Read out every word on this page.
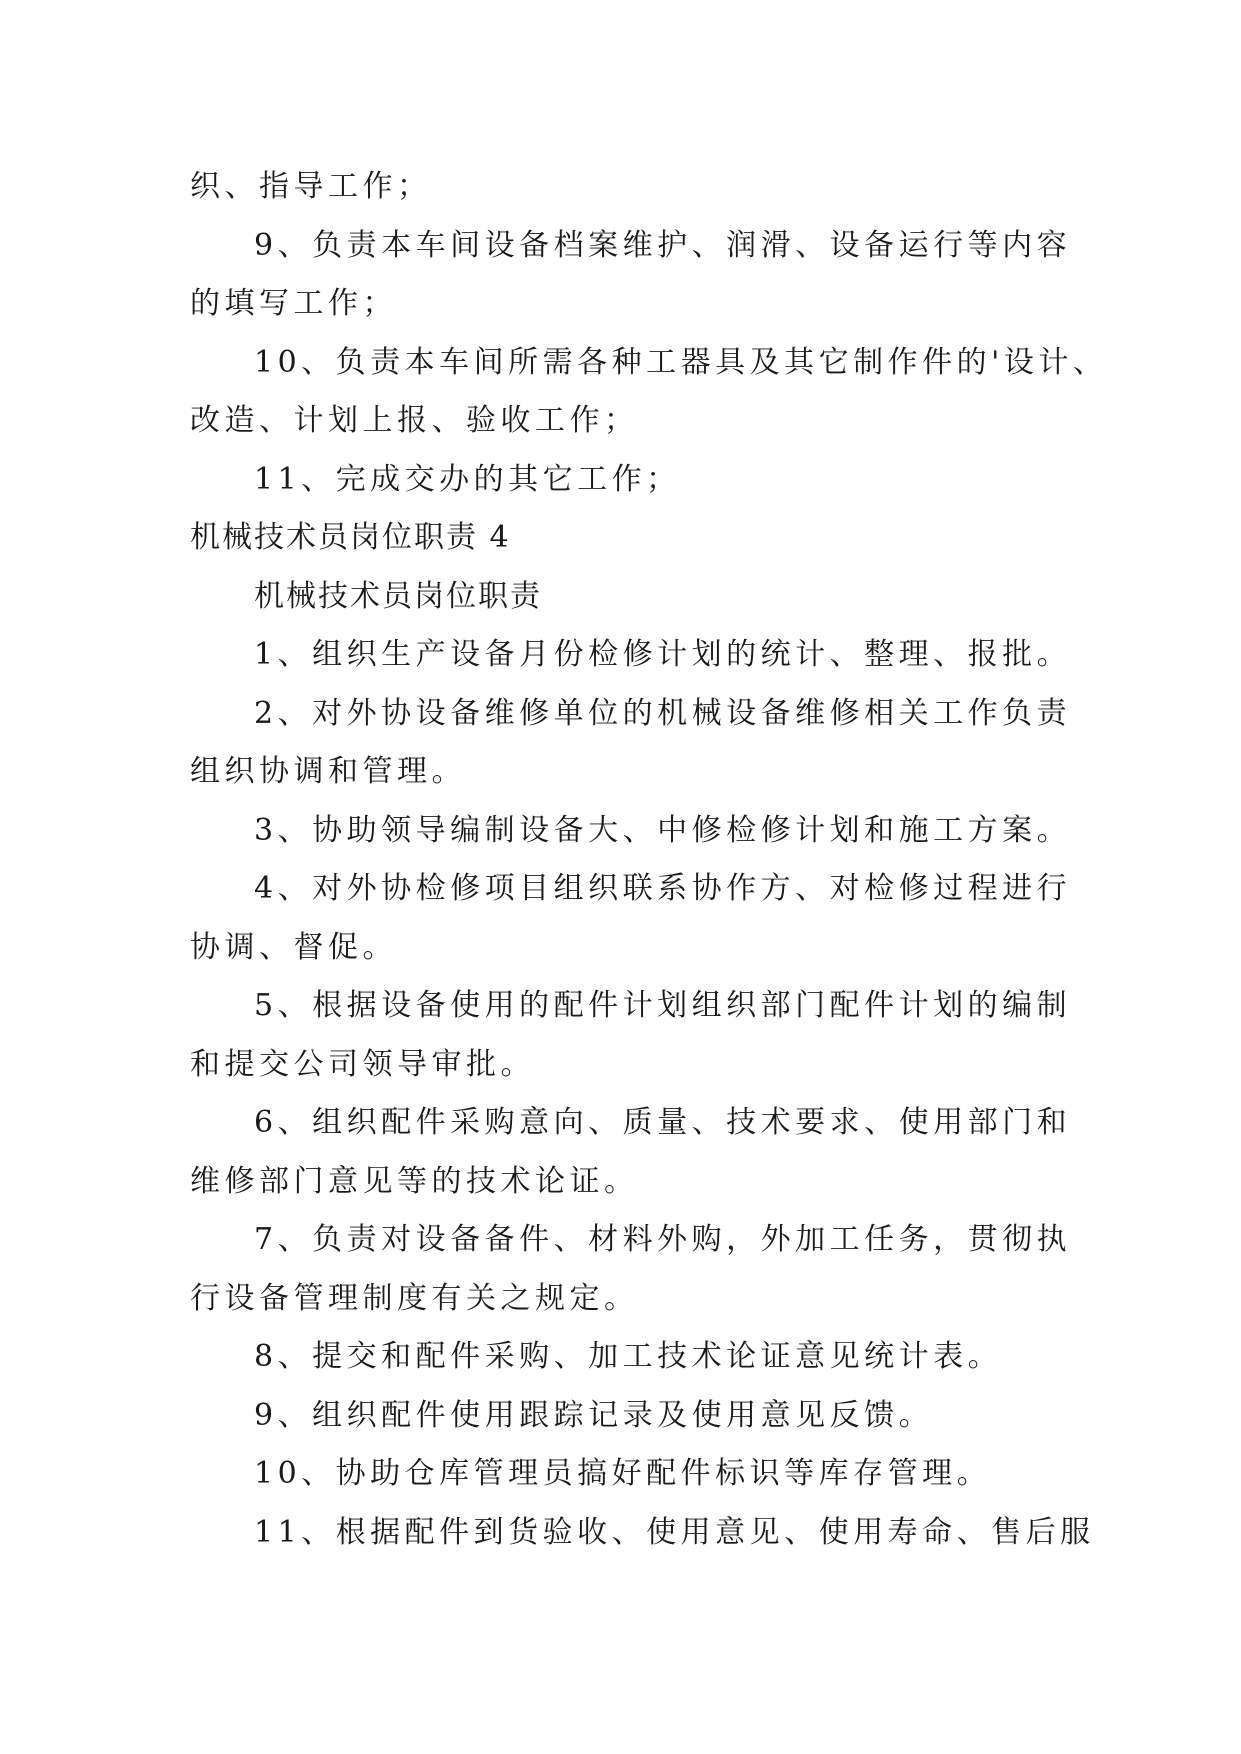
织、指导工作；
9、负责本车间设备档案维护、润滑、设备运行等内容
的填写工作；
10、负责本车间所需各种工器具及其它制作件的'设计、
改造、计划上报、验收工作；
11、完成交办的其它工作；
机械技术员岗位职责 4
机械技术员岗位职责
1、组织生产设备月份检修计划的统计、整理、报批。
2、对外协设备维修单位的机械设备维修相关工作负责
组织协调和管理。
3、协助领导编制设备大、中修检修计划和施工方案。
4、对外协检修项目组织联系协作方、对检修过程进行
协调、督促。
5、根据设备使用的配件计划组织部门配件计划的编制
和提交公司领导审批。
6、组织配件采购意向、质量、技术要求、使用部门和
维修部门意见等的技术论证。
7、负责对设备备件、材料外购，外加工任务，贯彻执
行设备管理制度有关之规定。
8、提交和配件采购、加工技术论证意见统计表。
9、组织配件使用跟踪记录及使用意见反馈。
10、协助仓库管理员搞好配件标识等库存管理。
11、根据配件到货验收、使用意见、使用寿命、售后服
